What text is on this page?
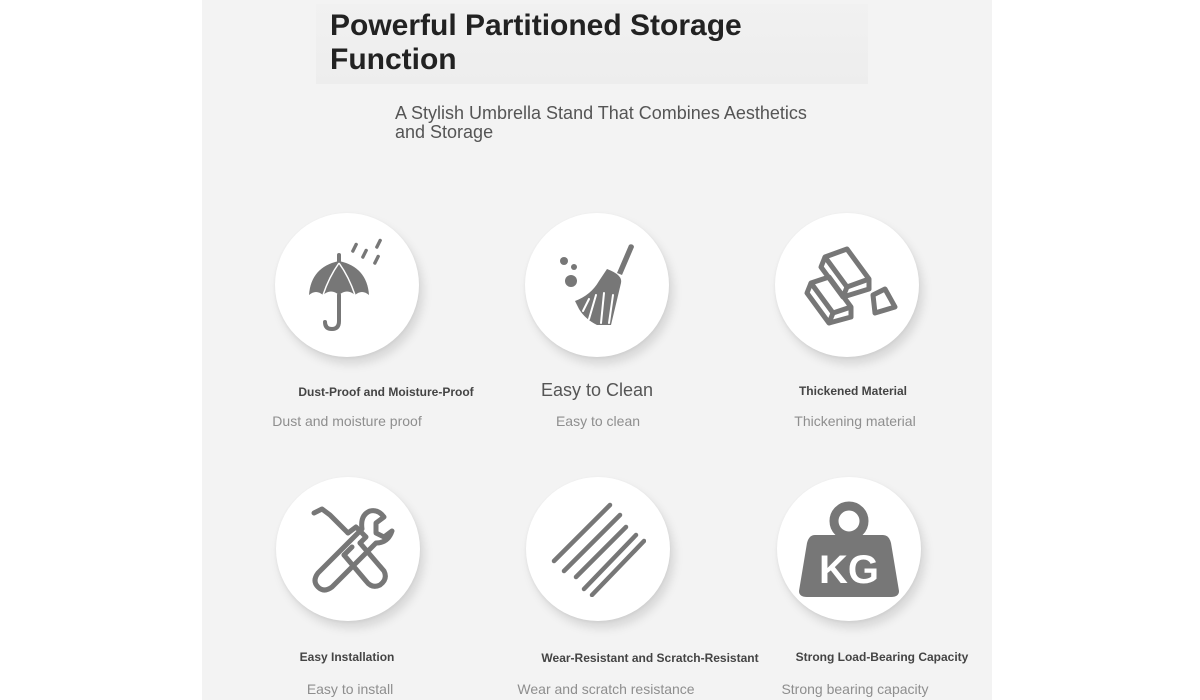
Powerful Partitioned Storage Function

A Stylish Umbrella Stand That Combines Aesthetics and Storage

Dust-Proof and Moisture-Proof

Dust and moisture proof

Easy to Clean

Easy to clean

Thickened Material

Thickening material

Easy Installation

Easy to install

Wear-Resistant and Scratch-Resistant

Wear and scratch resistance

KG

Strong Load-Bearing Capacity

Strong bearing capacity
